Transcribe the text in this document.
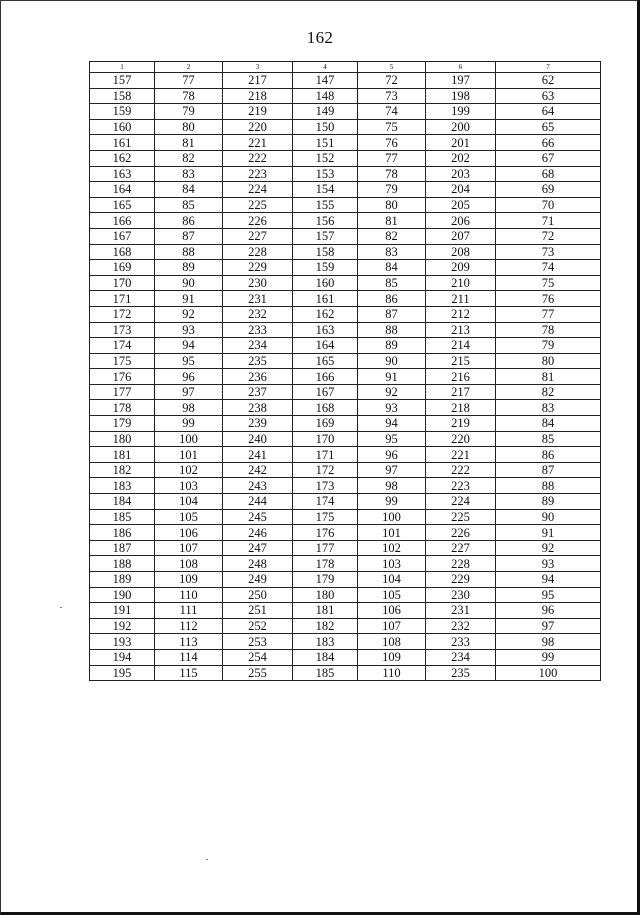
162
1	2	3	4	5	6	7
157	77	217	147	72	197	62
158	78	218	148	73	198	63
159	79	219	149	74	199	64
160	80	220	150	75	200	65
161	81	221	151	76	201	66
162	82	222	152	77	202	67
163	83	223	153	78	203	68
164	84	224	154	79	204	69
165	85	225	155	80	205	70
166	86	226	156	81	206	71
167	87	227	157	82	207	72
168	88	228	158	83	208	73
169	89	229	159	84	209	74
170	90	230	160	85	210	75
171	91	231	161	86	211	76
172	92	232	162	87	212	77
173	93	233	163	88	213	78
174	94	234	164	89	214	79
175	95	235	165	90	215	80
176	96	236	166	91	216	81
177	97	237	167	92	217	82
178	98	238	168	93	218	83
179	99	239	169	94	219	84
180	100	240	170	95	220	85
181	101	241	171	96	221	86
182	102	242	172	97	222	87
183	103	243	173	98	223	88
184	104	244	174	99	224	89
185	105	245	175	100	225	90
186	106	246	176	101	226	91
187	107	247	177	102	227	92
188	108	248	178	103	228	93
189	109	249	179	104	229	94
190	110	250	180	105	230	95
191	111	251	181	106	231	96
192	112	252	182	107	232	97
193	113	253	183	108	233	98
194	114	254	184	109	234	99
195	115	255	185	110	235	100
